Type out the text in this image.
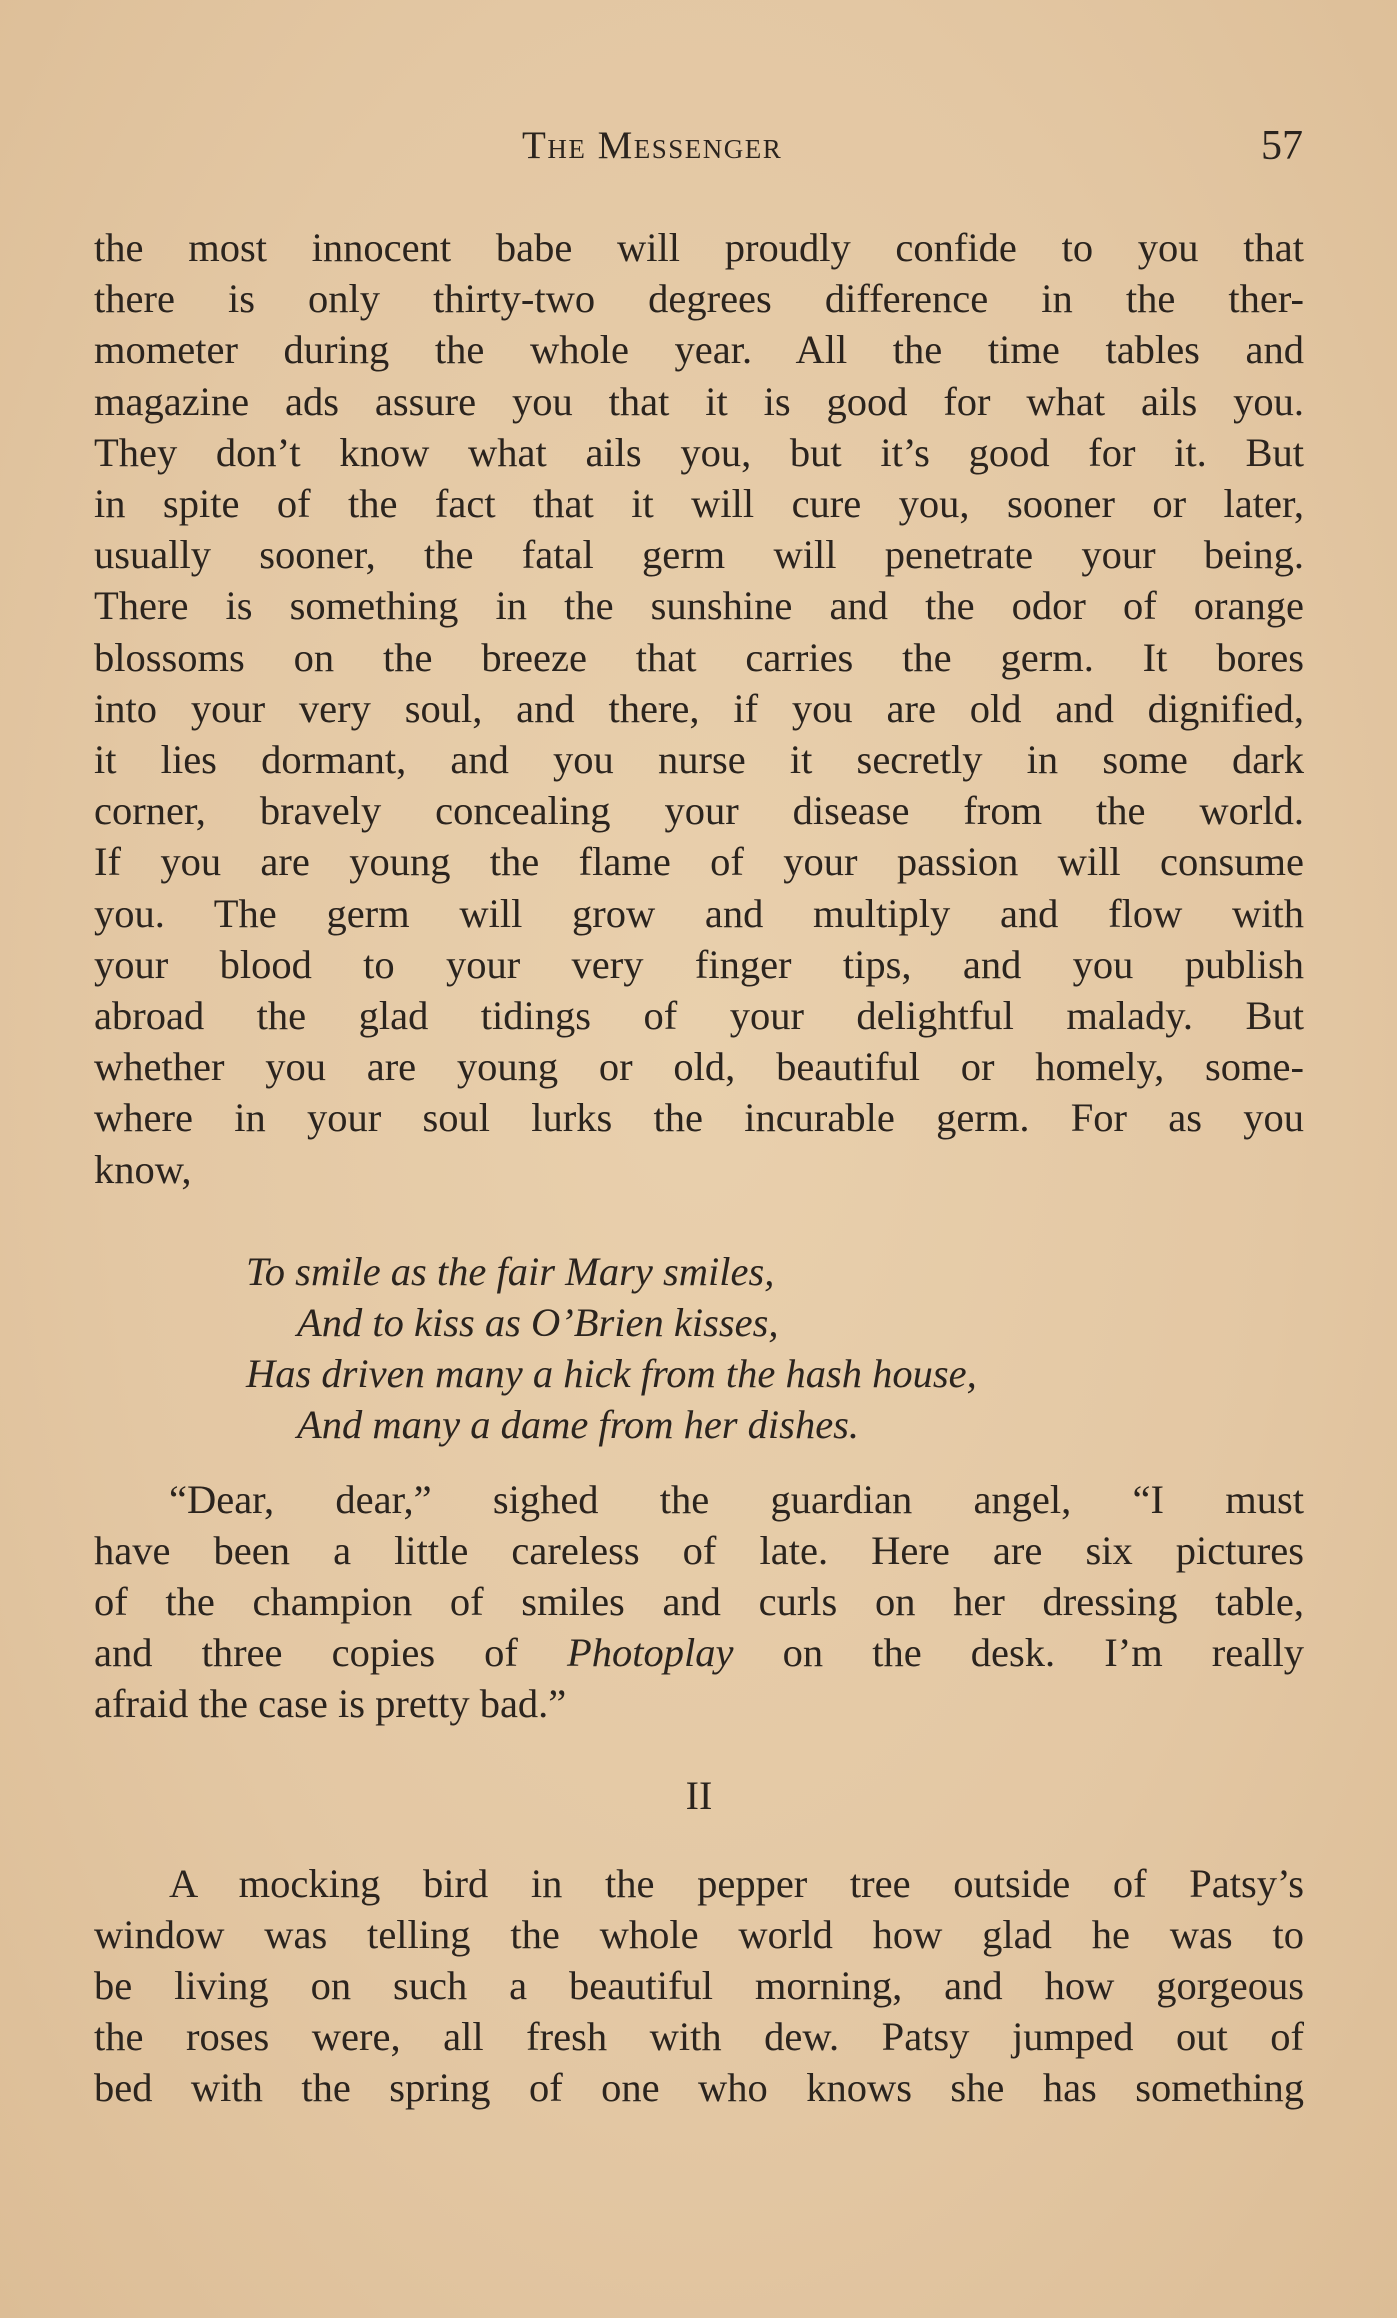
The Messenger	57

the most innocent babe will proudly confide to you that
there is only thirty-two degrees difference in the ther-
mometer during the whole year. All the time tables and
magazine ads assure you that it is good for what ails you.
They don’t know what ails you, but it’s good for it. But
in spite of the fact that it will cure you, sooner or later,
usually sooner, the fatal germ will penetrate your being.
There is something in the sunshine and the odor of orange
blossoms on the breeze that carries the germ. It bores
into your very soul, and there, if you are old and dignified,
it lies dormant, and you nurse it secretly in some dark
corner, bravely concealing your disease from the world.
If you are young the flame of your passion will consume
you. The germ will grow and multiply and flow with
your blood to your very finger tips, and you publish
abroad the glad tidings of your delightful malady. But
whether you are young or old, beautiful or homely, some-
where in your soul lurks the incurable germ. For as you
know,

To smile as the fair Mary smiles,
And to kiss as O’Brien kisses,
Has driven many a hick from the hash house,
And many a dame from her dishes.

“Dear, dear,” sighed the guardian angel, “I must
have been a little careless of late. Here are six pictures
of the champion of smiles and curls on her dressing table,
and three copies of Photoplay on the desk. I’m really
afraid the case is pretty bad.”

II

A mocking bird in the pepper tree outside of Patsy’s
window was telling the whole world how glad he was to
be living on such a beautiful morning, and how gorgeous
the roses were, all fresh with dew. Patsy jumped out of
bed with the spring of one who knows she has something
